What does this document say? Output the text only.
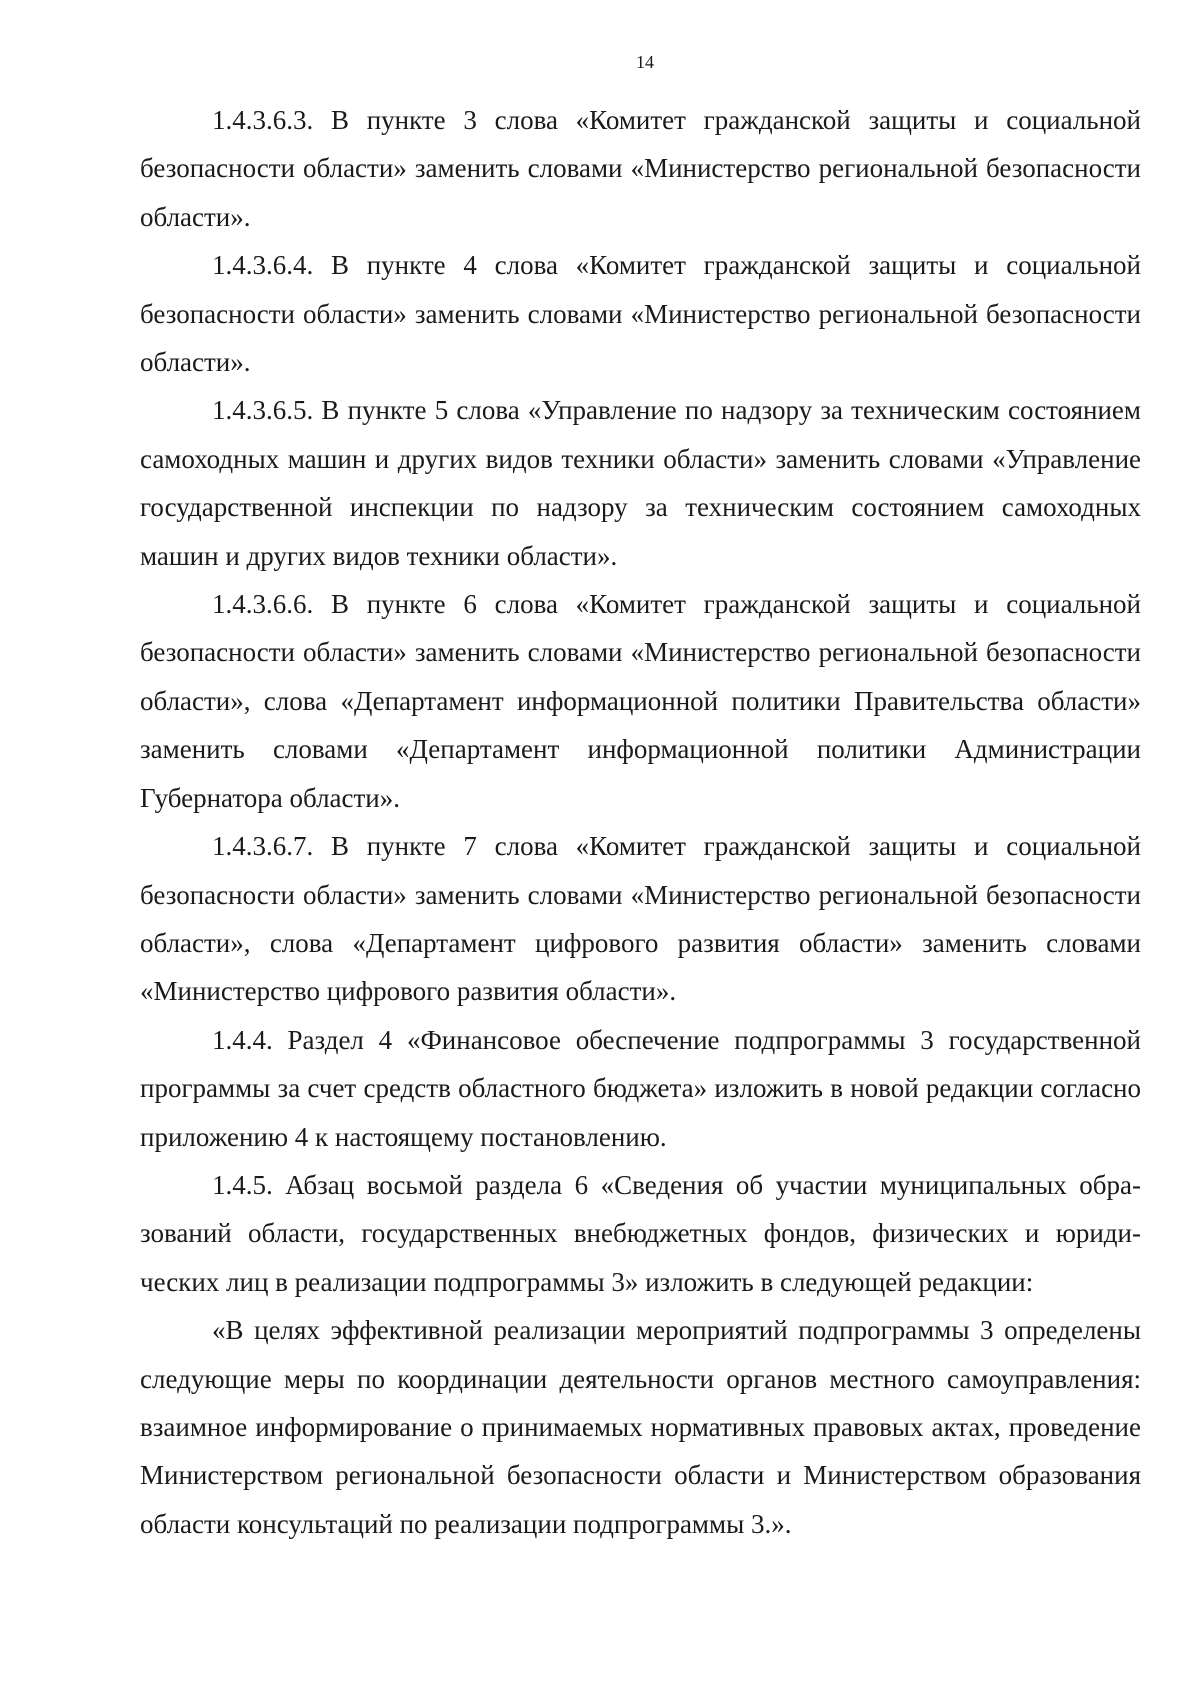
14

1.4.3.6.3. В пункте 3 слова «Комитет гражданской защиты и социальной безопасности области» заменить словами «Министерство региональной безопасности области».

1.4.3.6.4. В пункте 4 слова «Комитет гражданской защиты и социальной безопасности области» заменить словами «Министерство региональной безопасности области».

1.4.3.6.5. В пункте 5 слова «Управление по надзору за техническим состоянием самоходных машин и других видов техники области» заменить словами «Управление государственной инспекции по надзору за техническим состоянием самоходных машин и других видов техники области».

1.4.3.6.6. В пункте 6 слова «Комитет гражданской защиты и социальной безопасности области» заменить словами «Министерство региональной безопасности области», слова «Департамент информационной политики Правительства области» заменить словами «Департамент информационной политики Администрации Губернатора области».

1.4.3.6.7. В пункте 7 слова «Комитет гражданской защиты и социальной безопасности области» заменить словами «Министерство региональной безопасности области», слова «Департамент цифрового развития области» заменить словами «Министерство цифрового развития области».

1.4.4. Раздел 4 «Финансовое обеспечение подпрограммы 3 государственной программы за счет средств областного бюджета» изложить в новой редакции согласно приложению 4 к настоящему постановлению.

1.4.5. Абзац восьмой раздела 6 «Сведения об участии муниципальных образований области, государственных внебюджетных фондов, физических и юридических лиц в реализации подпрограммы 3» изложить в следующей редакции:

«В целях эффективной реализации мероприятий подпрограммы 3 определены следующие меры по координации деятельности органов местного самоуправления: взаимное информирование о принимаемых нормативных правовых актах, проведение Министерством региональной безопасности области и Министерством образования области консультаций по реализации подпрограммы 3.».
